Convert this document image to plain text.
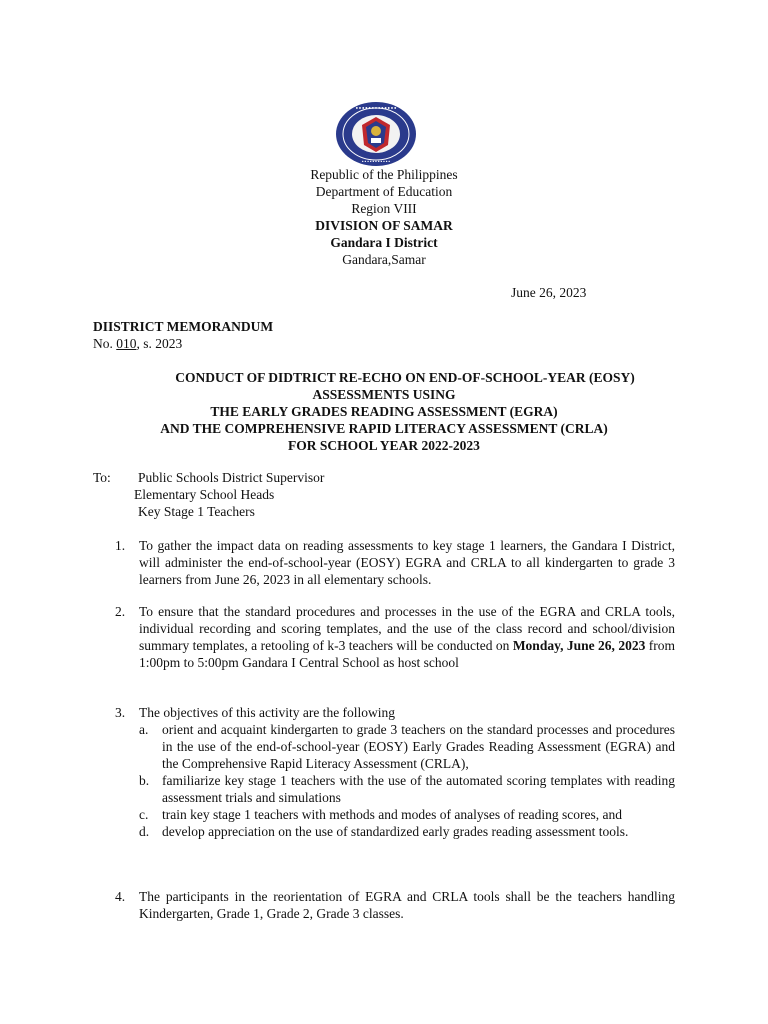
•••••••••••••
•••••••••••
Republic of the Philippines
Department of Education
Region VIII
DIVISION OF SAMAR
Gandara I District
Gandara,Samar
June 26, 2023
DIISTRICT MEMORANDUM
No. 010, s. 2023
CONDUCT OF DIDTRICT RE-ECHO ON END-OF-SCHOOL-YEAR (EOSY)
ASSESSMENTS USING
THE EARLY GRADES READING ASSESSMENT (EGRA)
AND THE COMPREHENSIVE RAPID LITERACY ASSESSMENT (CRLA)
FOR SCHOOL YEAR 2022-2023
To: Public Schools District Supervisor
Elementary School Heads
Key Stage 1 Teachers
1. To gather the impact data on reading assessments to key stage 1 learners, the Gandara I District, will administer the end-of-school-year (EOSY) EGRA and CRLA to all kindergarten to grade 3 learners from June 26, 2023 in all elementary schools.
2. To ensure that the standard procedures and processes in the use of the EGRA and CRLA tools, individual recording and scoring templates, and the use of the class record and school/division summary templates, a retooling of k-3 teachers will be conducted on Monday, June 26, 2023 from 1:00pm to 5:00pm Gandara I Central School as host school
3. The objectives of this activity are the following
a. orient and acquaint kindergarten to grade 3 teachers on the standard processes and procedures in the use of the end-of-school-year (EOSY) Early Grades Reading Assessment (EGRA) and the Comprehensive Rapid Literacy Assessment (CRLA),
b. familiarize key stage 1 teachers with the use of the automated scoring templates with reading assessment trials and simulations
c. train key stage 1 teachers with methods and modes of analyses of reading scores, and
d. develop appreciation on the use of standardized early grades reading assessment tools.
4. The participants in the reorientation of EGRA and CRLA tools shall be the teachers handling Kindergarten, Grade 1, Grade 2, Grade 3 classes.
